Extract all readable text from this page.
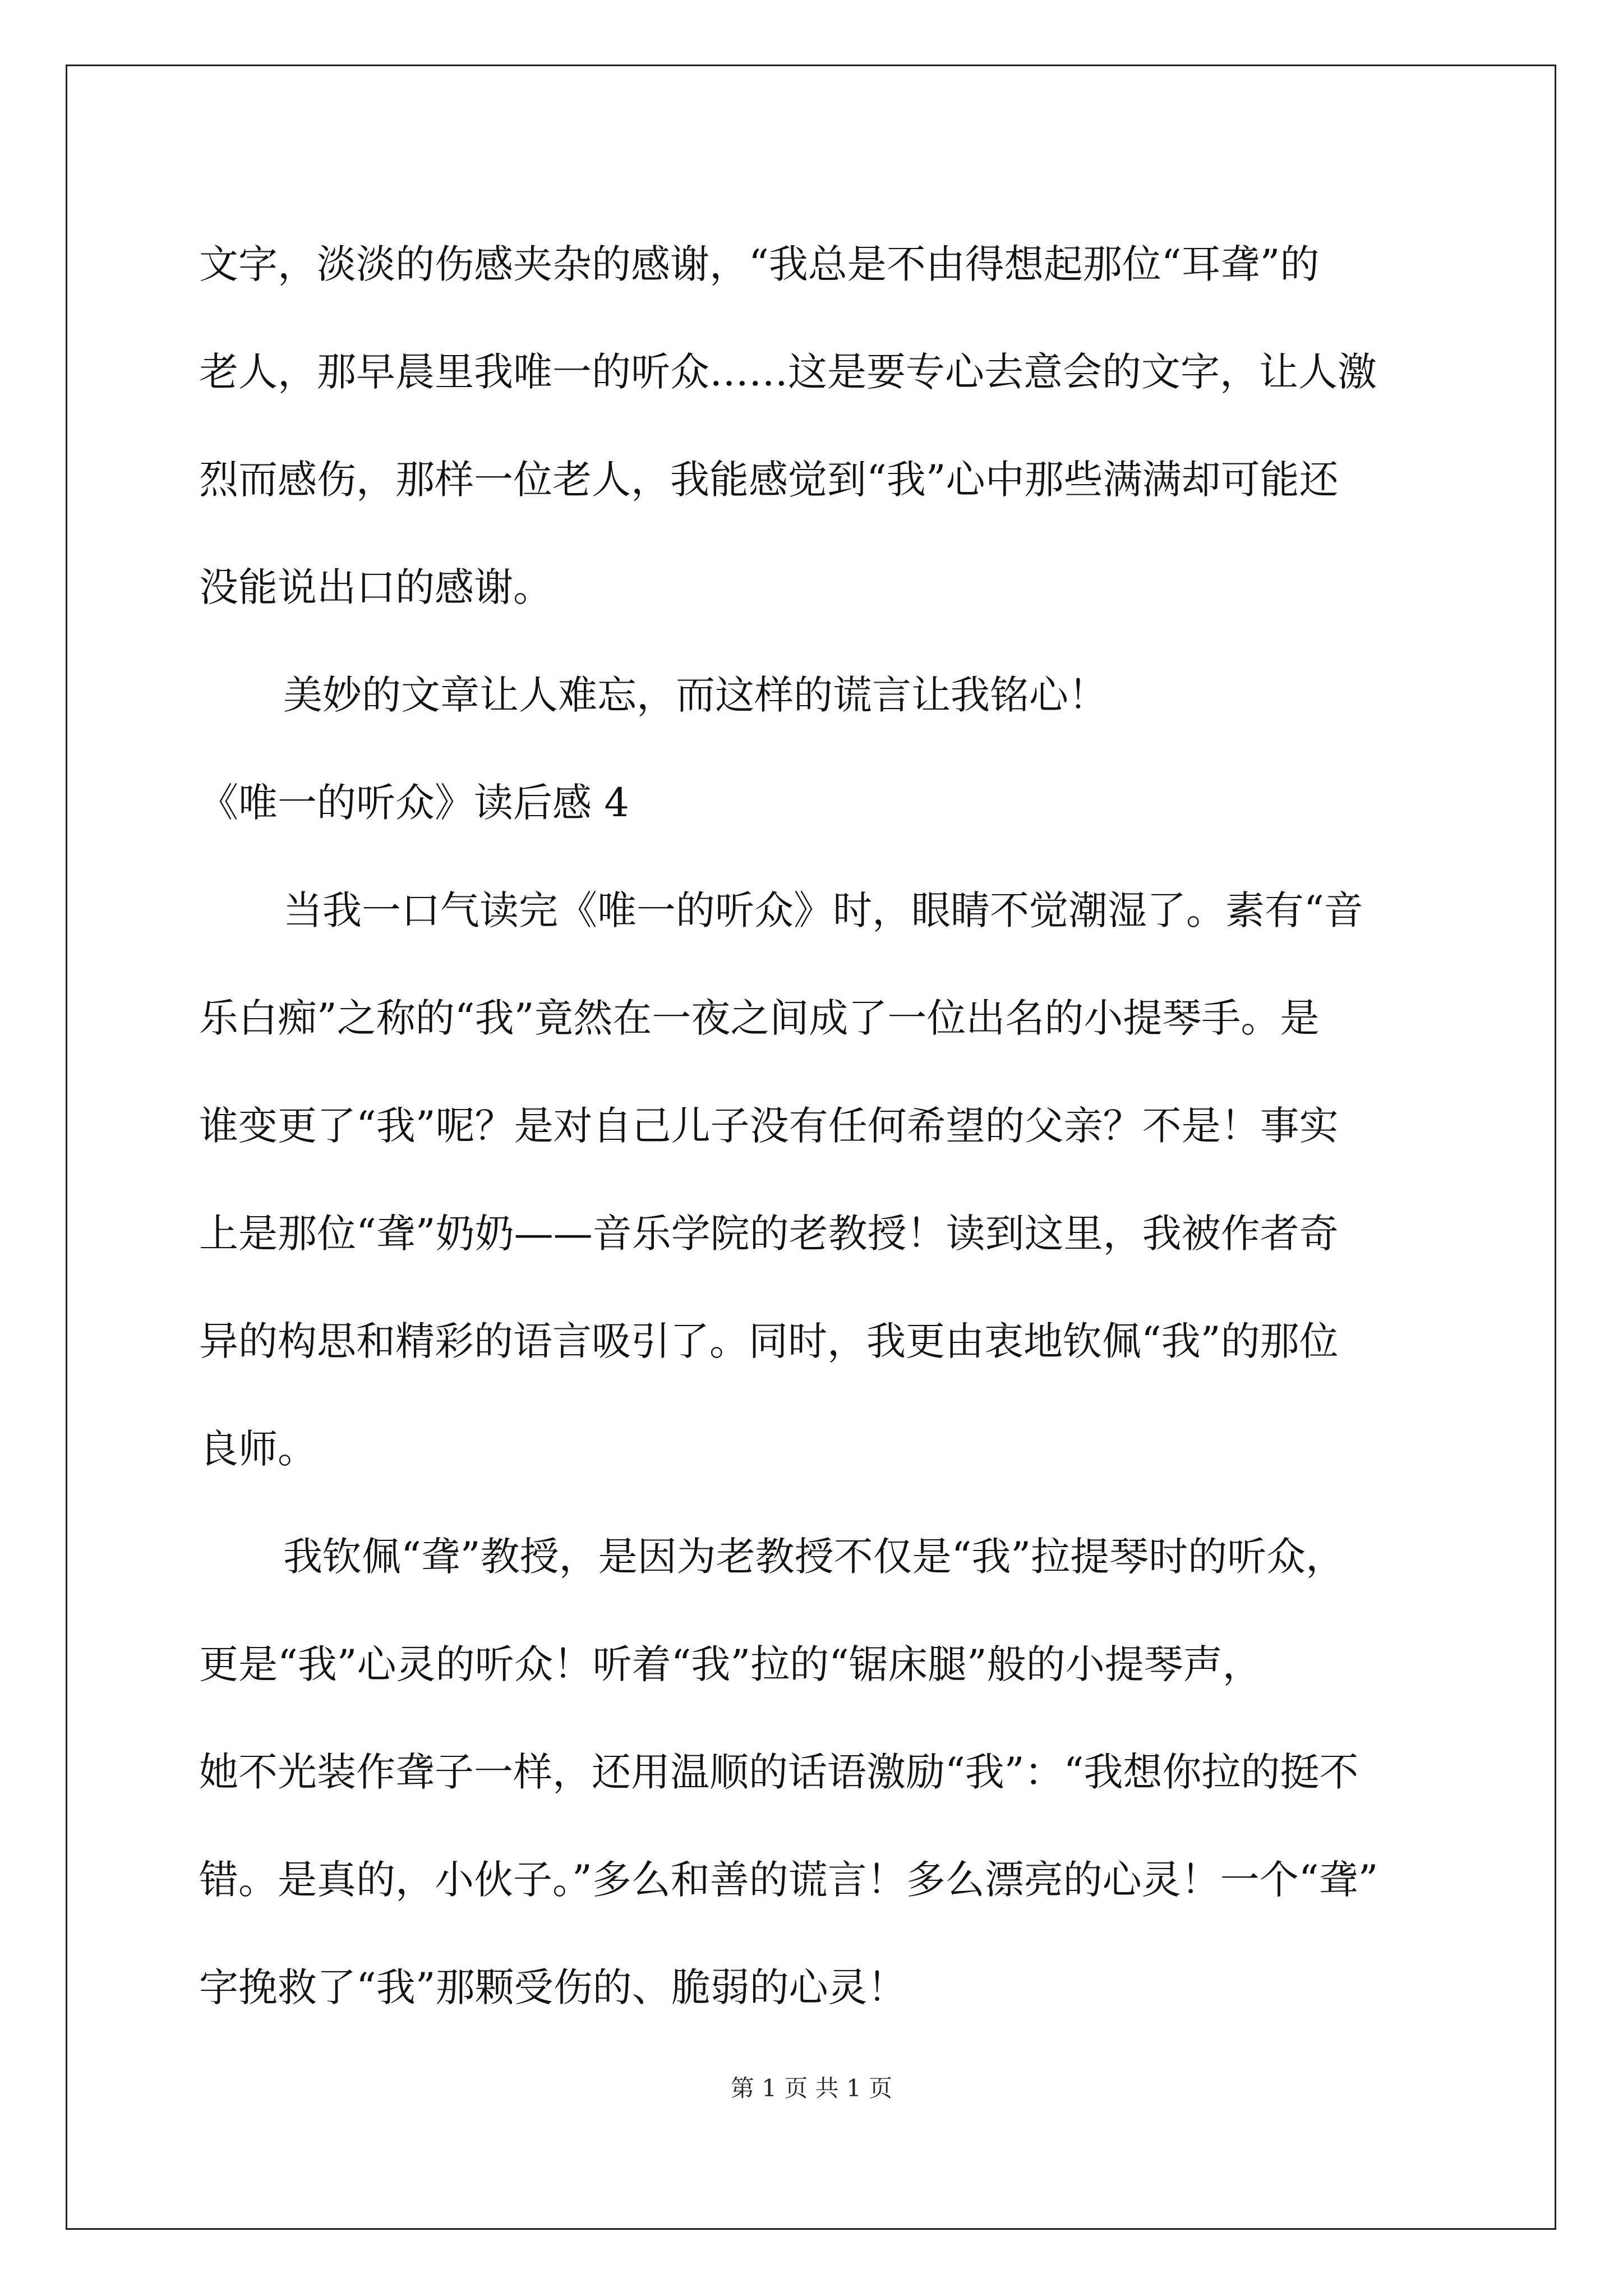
文字，淡淡的伤感夹杂的感谢，“我总是不由得想起那位“耳聋”的
老人，那早晨里我唯一的听众……这是要专心去意会的文字，让人激
烈而感伤，那样一位老人，我能感觉到“我”心中那些满满却可能还
没能说出口的感谢。

美妙的文章让人难忘，而这样的谎言让我铭心！

《唯一的听众》读后感 4

当我一口气读完《唯一的听众》时，眼睛不觉潮湿了。素有“音
乐白痴”之称的“我”竟然在一夜之间成了一位出名的小提琴手。是
谁变更了“我”呢？是对自己儿子没有任何希望的父亲？不是！事实
上是那位“聋”奶奶——音乐学院的老教授！读到这里，我被作者奇
异的构思和精彩的语言吸引了。同时，我更由衷地钦佩“我”的那位
良师。

我钦佩“聋”教授，是因为老教授不仅是“我”拉提琴时的听众，
更是“我”心灵的听众！听着“我”拉的“锯床腿”般的小提琴声，
她不光装作聋子一样，还用温顺的话语激励“我”：“我想你拉的挺不
错。是真的，小伙子。”多么和善的谎言！多么漂亮的心灵！一个“聋”
字挽救了“我”那颗受伤的、脆弱的心灵！

第 1 页 共 1 页
